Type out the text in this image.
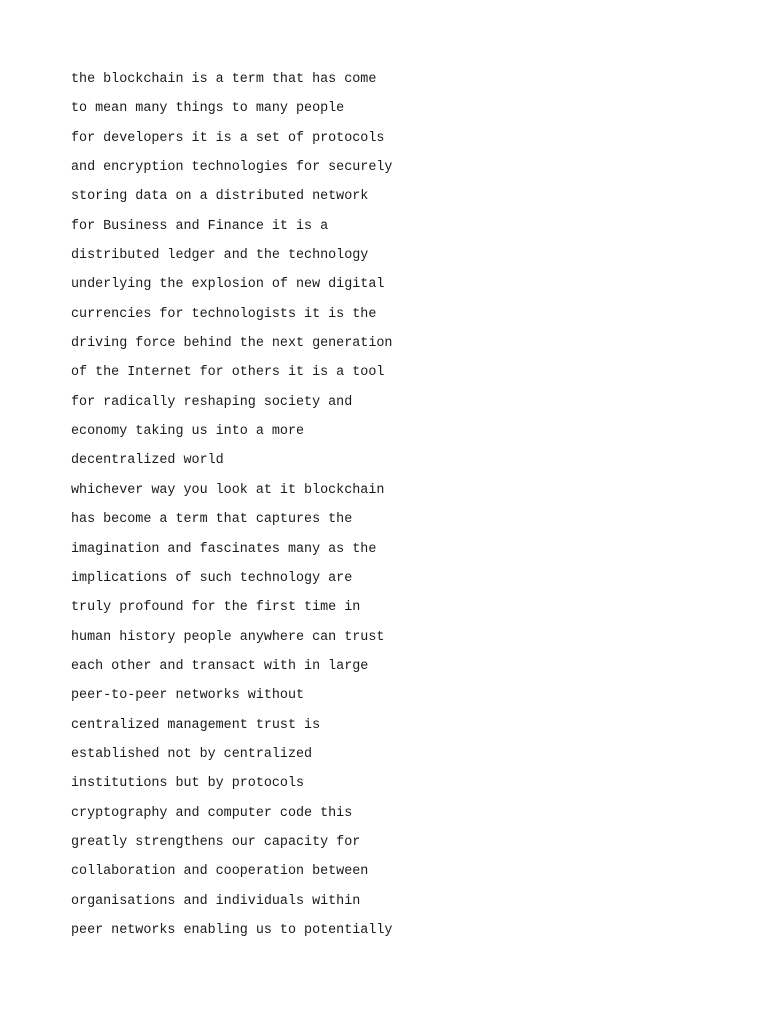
the blockchain is a term that has come

to mean many things to many people

for developers it is a set of protocols

and encryption technologies for securely

storing data on a distributed network

for Business and Finance it is a

distributed ledger and the technology

underlying the explosion of new digital

currencies for technologists it is the

driving force behind the next generation

of the Internet for others it is a tool

for radically reshaping society and

economy taking us into a more

decentralized world

whichever way you look at it blockchain

has become a term that captures the

imagination and fascinates many as the

implications of such technology are

truly profound for the first time in

human history people anywhere can trust

each other and transact with in large

peer-to-peer networks without

centralized management trust is

established not by centralized

institutions but by protocols

cryptography and computer code this

greatly strengthens our capacity for

collaboration and cooperation between

organisations and individuals within

peer networks enabling us to potentially
